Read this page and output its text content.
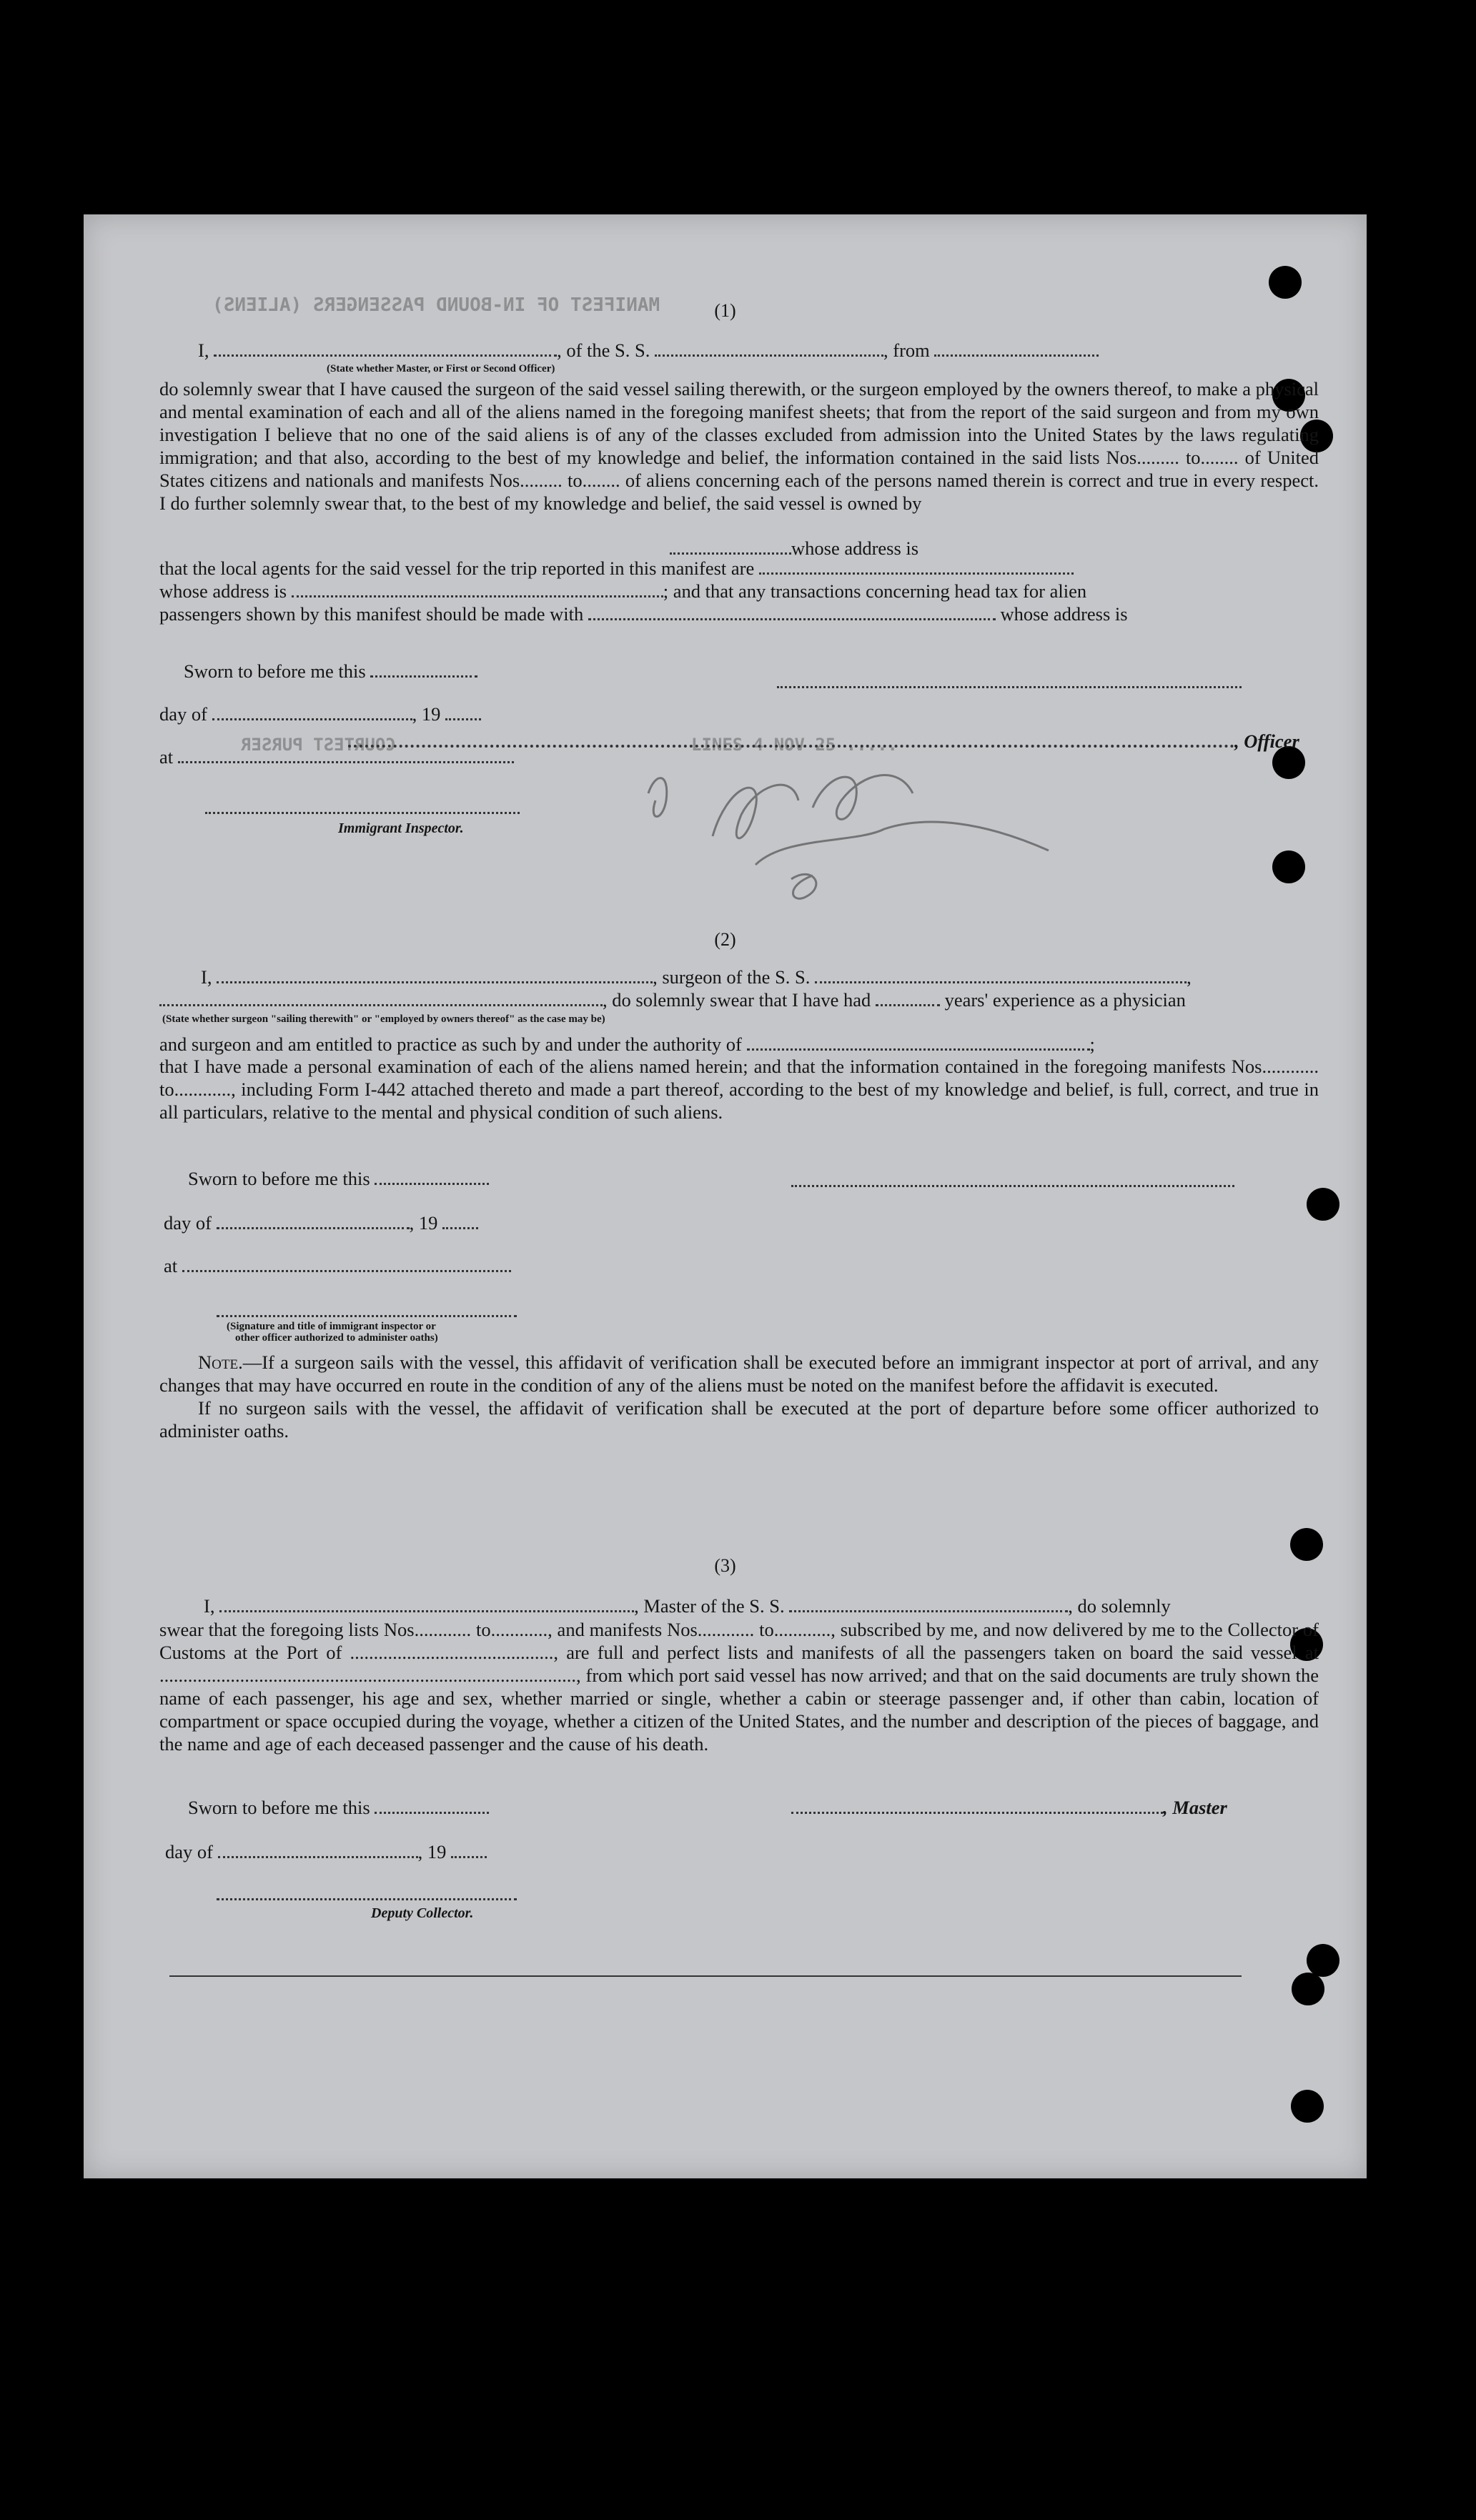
MANIFEST OF IN-BOUND PASSENGERS (ALIENS)
LINES 4 NOV 25 .....
COURTEST PURSER
(1)
I,	, of the S. S.	, from
(State whether Master, or First or Second Officer)

do solemnly swear that I have caused the surgeon of the said vessel sailing therewith, or the surgeon employed by the owners thereof, to make a physical and mental examination of each and all of the aliens named in the foregoing manifest sheets; that from the report of the said surgeon and from my own investigation I believe that no one of the said aliens is of any of the classes excluded from admission into the United States by the laws regulating immigration; and that also, according to the best of my knowledge and belief, the information contained in the said lists Nos......... to........ of United States citizens and nationals and manifests Nos......... to........ of aliens concerning each of the persons named therein is correct and true in every respect. I do further solemnly swear that, to the best of my knowledge and belief, the said vessel is owned by

whose address is
that the local agents for the said vessel for the trip reported in this manifest are
whose address is	; and that any transactions concerning head tax for alien
passengers shown by this manifest should be made with	whose address is
Sworn to before me this
day of	, 19
, Officer
at
Immigrant Inspector.
(2)
I,	, surgeon of the S. S.	,
, do solemnly swear that I have had	years' experience as a physician
(State whether surgeon "sailing therewith" or "employed by owners thereof" as the case may be)
and surgeon and am entitled to practice as such by and under the authority of	;

that I have made a personal examination of each of the aliens named herein; and that the information contained in the foregoing manifests Nos............ to............, including Form I-442 attached thereto and made a part thereof, according to the best of my knowledge and belief, is full, correct, and true in all particulars, relative to the mental and physical condition of such aliens.

Sworn to before me this
day of	, 19
at
(Signature and title of immigrant inspector or
other officer authorized to administer oaths)

Note.—If a surgeon sails with the vessel, this affidavit of verification shall be executed before an immigrant inspector at port of arrival, and any changes that may have occurred en route in the condition of any of the aliens must be noted on the manifest before the affidavit is executed.

If no surgeon sails with the vessel, the affidavit of verification shall be executed at the port of departure before some officer authorized to administer oaths.

(3)
I,	, Master of the S. S.	, do solemnly

swear that the foregoing lists Nos............ to............, and manifests Nos............ to............, subscribed by me, and now delivered by me to the Collector of Customs at the Port of ..........................................., are full and perfect lists and manifests of all the passengers taken on board the said vessel at ........................................................................................, from which port said vessel has now arrived; and that on the said documents are truly shown the name of each passenger, his age and sex, whether married or single, whether a cabin or steerage passenger and, if other than cabin, location of compartment or space occupied during the voyage, whether a citizen of the United States, and the number and description of the pieces of baggage, and the name and age of each deceased passenger and the cause of his death.

Sworn to before me this	, Master
day of	, 19
Deputy Collector.
